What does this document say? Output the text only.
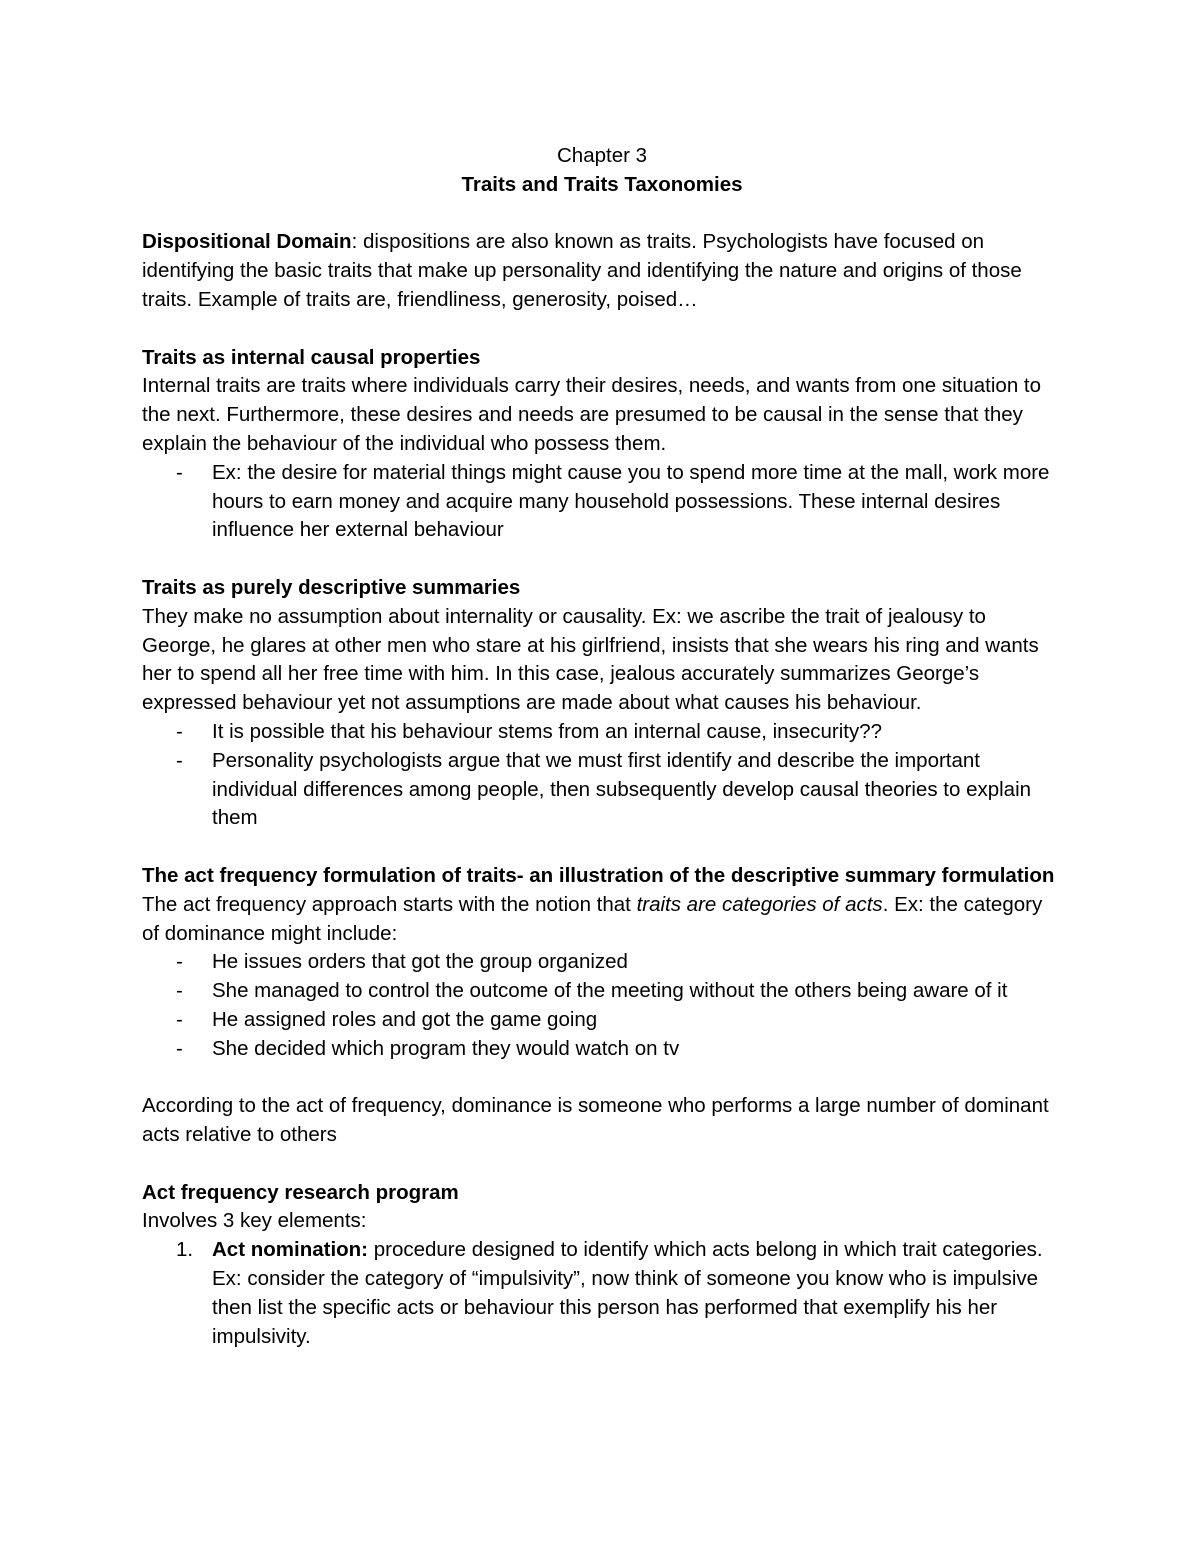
Chapter 3

Traits and Traits Taxonomies

Dispositional Domain: dispositions are also known as traits. Psychologists have focused on identifying the basic traits that make up personality and identifying the nature and origins of those traits. Example of traits are, friendliness, generosity, poised…

Traits as internal causal properties

Internal traits are traits where individuals carry their desires, needs, and wants from one situation to the next. Furthermore, these desires and needs are presumed to be causal in the sense that they explain the behaviour of the individual who possess them.

- Ex: the desire for material things might cause you to spend more time at the mall, work more hours to earn money and acquire many household possessions. These internal desires influence her external behaviour

Traits as purely descriptive summaries

They make no assumption about internality or causality. Ex: we ascribe the trait of jealousy to George, he glares at other men who stare at his girlfriend, insists that she wears his ring and wants her to spend all her free time with him. In this case, jealous accurately summarizes George’s expressed behaviour yet not assumptions are made about what causes his behaviour.

- It is possible that his behaviour stems from an internal cause, insecurity??
- Personality psychologists argue that we must first identify and describe the important individual differences among people, then subsequently develop causal theories to explain them

The act frequency formulation of traits- an illustration of the descriptive summary formulation

The act frequency approach starts with the notion that traits are categories of acts. Ex: the category of dominance might include:

- He issues orders that got the group organized
- She managed to control the outcome of the meeting without the others being aware of it
- He assigned roles and got the game going
- She decided which program they would watch on tv

According to the act of frequency, dominance is someone who performs a large number of dominant acts relative to others

Act frequency research program

Involves 3 key elements:

1. Act nomination: procedure designed to identify which acts belong in which trait categories. Ex: consider the category of “impulsivity”, now think of someone you know who is impulsive then list the specific acts or behaviour this person has performed that exemplify his her impulsivity.
